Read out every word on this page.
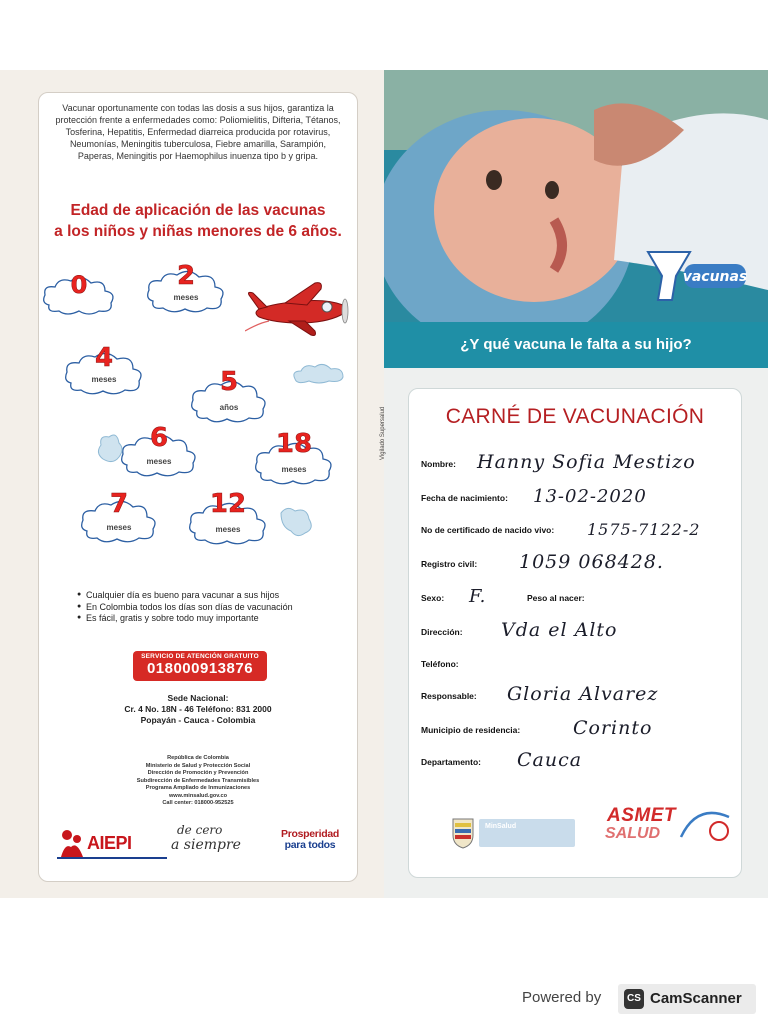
Vacunar oportunamente con todas las dosis a sus hijos, garantiza la protección frente a enfermedades como: Poliomielitis, Difteria, Tétanos, Tosferina, Hepatitis, Enfermedad diarreica producida por rotavirus, Neumonías, Meningitis tuberculosa, Fiebre amarilla, Sarampión, Paperas, Meningitis por Haemophilus inuenza tipo b y gripa.

Edad de aplicación de las vacunas
a los niños y niñas menores de 6 años.
0	2
meses
4
meses	5
años
6
meses
18
meses
7
meses
12
meses
● Cualquier día es bueno para vacunar a sus hijos
● En Colombia todos los días son días de vacunación
● Es fácil, gratis y sobre todo muy importante
SERVICIO DE ATENCIÓN GRATUITO
018000913876
Sede Nacional:
Cr. 4 No. 18N - 46 Teléfono: 831 2000
Popayán - Cauca - Colombia
República de Colombia
Ministerio de Salud y Protección Social
Dirección de Promoción y Prevención
Subdirección de Enfermedades Transmisibles
Programa Ampliado de Inmunizaciones
www.minsalud.gov.co
Call center: 018000-952525
AIEPI
de cero
a siempre
Prosperidad
para todos
vacunas
¿Y qué vacuna le falta a su hijo?
Vigilado Supersalud	CARNÉ DE VACUNACIÓN
Nombre: Hanny Sofia Mestizo
Fecha de nacimiento: 13-02-2020
No de certificado de nacido vivo: 1575-7122-2
Registro civil: 1059 068428.
Sexo: F.	Peso al nacer:
Dirección: Vda el Alto
Teléfono:
Responsable: Gloria Alvarez
Municipio de residencia:	Corinto
Departamento: Cauca
MinSalud
ASMET
SALUD
Powered by	CS CamScanner
